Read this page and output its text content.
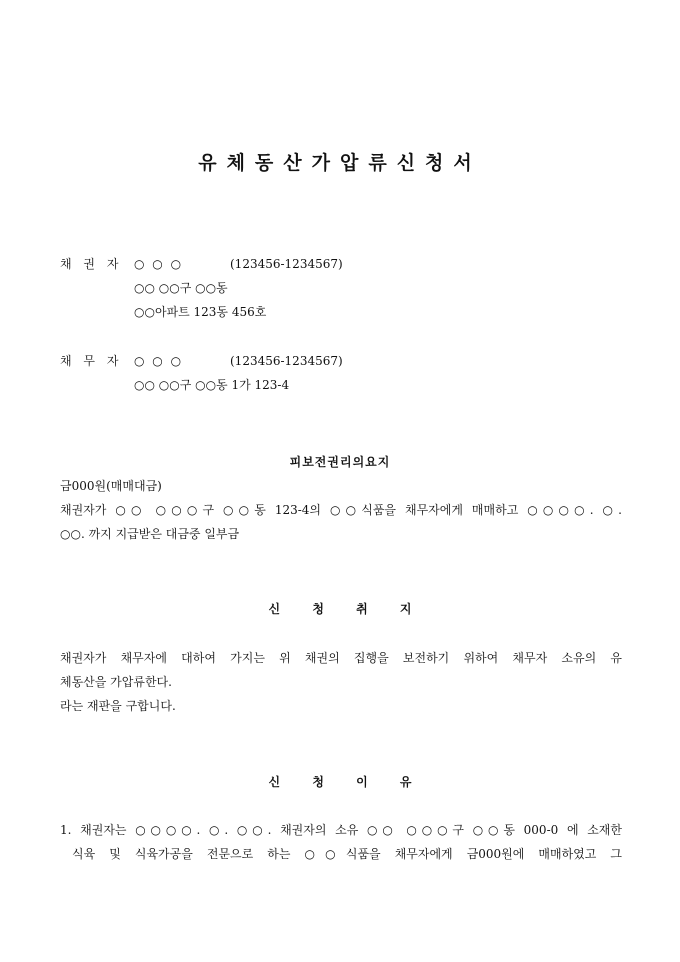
유체동산가압류신청서
채 권 자 ○ ○ ○	(123456-1234567)
○○ ○○구 ○○동
○○아파트 123동 456호
채 무 자 ○ ○ ○	(123456-1234567)
○○ ○○구 ○○동 1가 123-4
피보전권리의요지
금000원(매매대금)
채권자가 ○○ ○○○구 ○○동 123-4의 ○○식품을 채무자에게 매매하고 ○○○○. ○.
○○. 까지 지급받은 대금중 일부금
신 청 취 지
채권자가 채무자에 대하여 가지는 위 채권의 집행을 보전하기 위하여 채무자 소유의 유
체동산을 가압류한다.
라는 재판을 구합니다.
신 청 이 유
1. 채권자는 ○○○○. ○. ○○. 채권자의 소유 ○○ ○○○구 ○○동 000-0 에 소재한
식육 및 식육가공을 전문으로 하는 ○○식품을 채무자에게 금000원에 매매하였고 그
